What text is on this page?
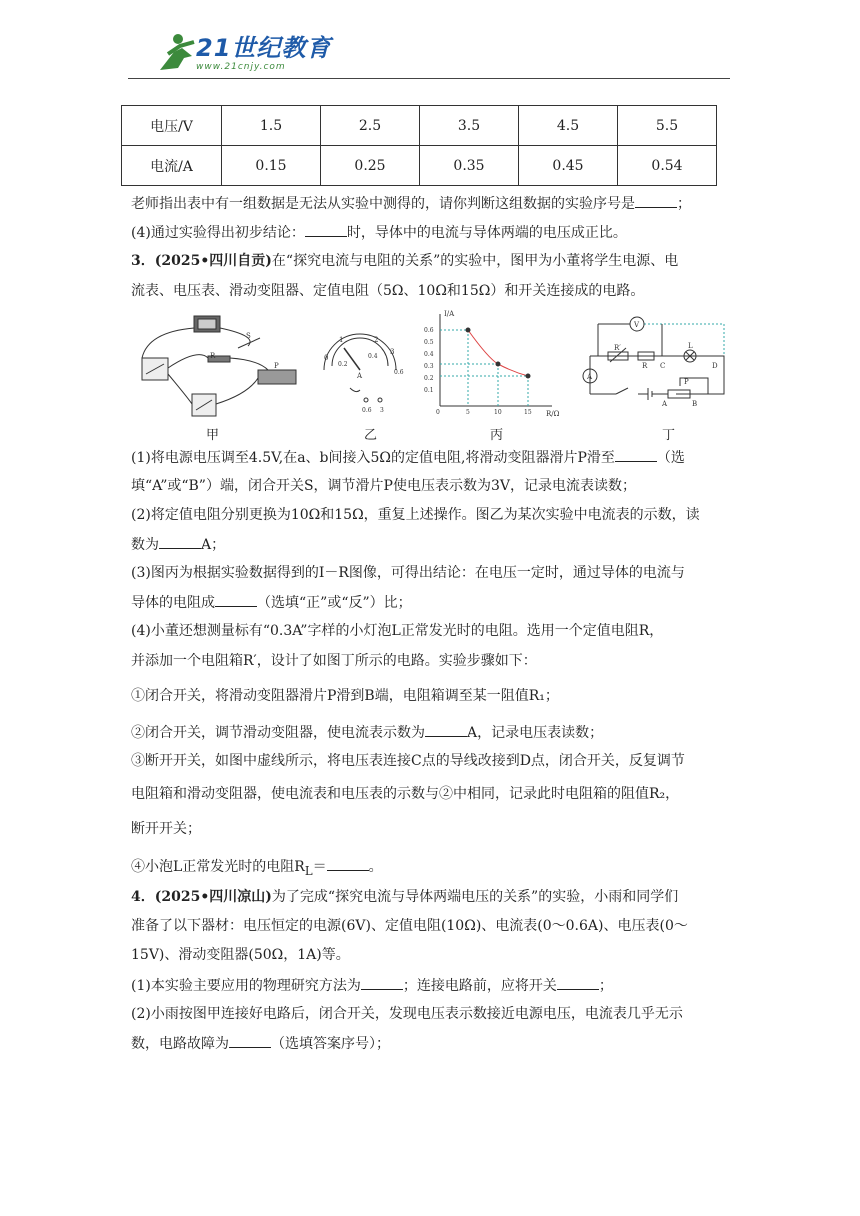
21世纪教育
www.21cnjy.com
电压/V	1.5	2.5	3.5	4.5	5.5
电流/A	0.15	0.25	0.35	0.45	0.54
老师指出表中有一组数据是无法从实验中测得的，请你判断这组数据的实验序号是	；
(4)通过实验得出初步结论：	时，导体中的电流与导体两端的电压成正比。
3．(2025•四川自贡)在“探究电流与电阻的关系”的实验中，图甲为小董将学生电源、电
流表、电压表、滑动变阻器、定值电阻（5Ω、10Ω和15Ω）和开关连接成的电路。
R
S
P
0
1	2
3
0.2
0.4
0.6
A
0.6 3
I/A
R/Ω
0.6
0.5
0.4
0.3
0.2
0.1
0	5	10	15
V
L
R′
R C	D
A
P
A	B
甲	乙	丙	丁
(1)将电源电压调至4.5V,在a、b间接入5Ω的定值电阻,将滑动变阻器滑片P滑至	（选
填“A”或“B”）端，闭合开关S，调节滑片P使电压表示数为3V，记录电流表读数；
(2)将定值电阻分别更换为10Ω和15Ω，重复上述操作。图乙为某次实验中电流表的示数，读
数为	A；
(3)图丙为根据实验数据得到的I－R图像，可得出结论：在电压一定时，通过导体的电流与
导体的电阻成	（选填“正”或“反”）比；
(4)小董还想测量标有“0.3A”字样的小灯泡L正常发光时的电阻。选用一个定值电阻R，
并添加一个电阻箱R′，设计了如图丁所示的电路。实验步骤如下：
①闭合开关，将滑动变阻器滑片P滑到B端，电阻箱调至某一阻值R₁；
②闭合开关，调节滑动变阻器，使电流表示数为	A，记录电压表读数；
③断开开关，如图中虚线所示，将电压表连接C点的导线改接到D点，闭合开关，反复调节
电阻箱和滑动变阻器，使电流表和电压表的示数与②中相同，记录此时电阻箱的阻值R₂，
断开开关；
④小泡L正常发光时的电阻$R_L=$	。
4．(2025•四川凉山)为了完成“探究电流与导体两端电压的关系”的实验，小雨和同学们
准备了以下器材：电压恒定的电源(6V)、定值电阻(10Ω)、电流表(0～0.6A)、电压表(0～
15V)、滑动变阻器(50Ω，1A)等。
(1)本实验主要应用的物理研究方法为	；连接电路前，应将开关	；
(2)小雨按图甲连接好电路后，闭合开关，发现电压表示数接近电源电压，电流表几乎无示
数，电路故障为	（选填答案序号）；
